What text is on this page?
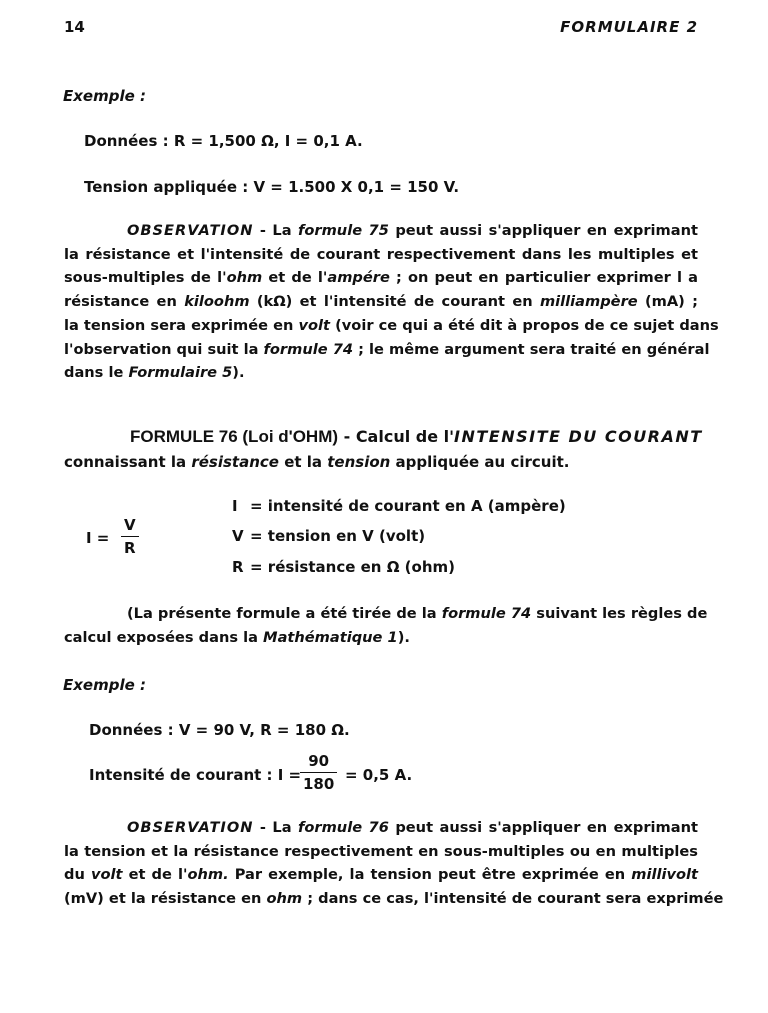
14	FORMULAIRE 2
Exemple :
Données : R = 1,500 Ω, I = 0,1 A.
Tension appliquée : V = 1.500 X 0,1 = 150 V.
OBSERVATION - La formule 75 peut aussi s'appliquer en exprimant
la résistance et l'intensité de courant respectivement dans les multiples et
sous-multiples de l'ohm et de l'ampére ; on peut en particulier exprimer l a
résistance en kiloohm (kΩ) et l'intensité de courant en milliampère (mA) ;
la tension sera exprimée en volt (voir ce qui a été dit à propos de ce sujet dans
l'observation qui suit la formule 74 ; le même argument sera traité en général
dans le Formulaire 5).
FORMULE 76 (Loi d'OHM) - Calcul de l'INTENSITE DU COURANT
connaissant la résistance et la tension appliquée au circuit.
I =
V
R
I = intensité de courant en A (ampère)
V = tension en V (volt)
R = résistance en Ω (ohm)
(La présente formule a été tirée de la formule 74 suivant les règles de
calcul exposées dans la Mathématique 1).
Exemple :
Données : V = 90 V, R = 180 Ω.
Intensité de courant : I =
90
180 = 0,5 A.
OBSERVATION - La formule 76 peut aussi s'appliquer en exprimant
la tension et la résistance respectivement en sous-multiples ou en multiples
du volt et de l'ohm. Par exemple, la tension peut être exprimée en millivolt
(mV) et la résistance en ohm ; dans ce cas, l'intensité de courant sera exprimée
